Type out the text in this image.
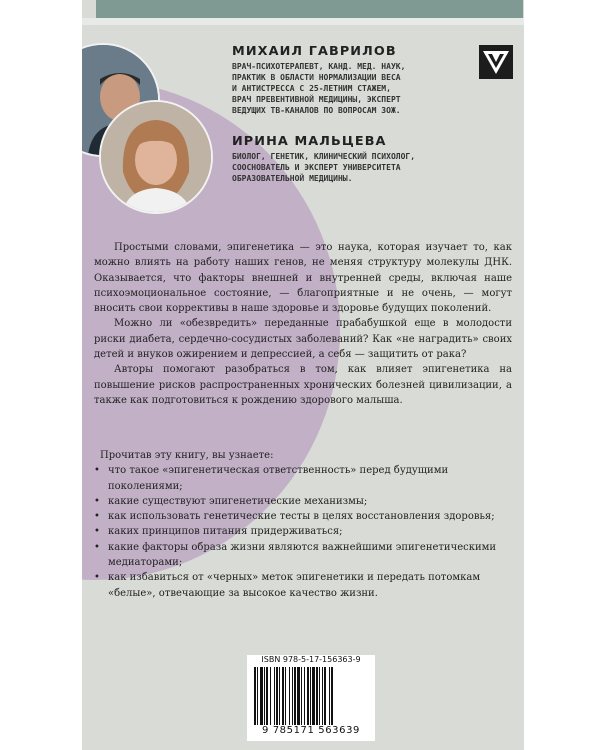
МИХАИЛ ГАВРИЛОВ
ВРАЧ-ПСИХОТЕРАПЕВТ, КАНД. МЕД. НАУК,
ПРАКТИК В ОБЛАСТИ НОРМАЛИЗАЦИИ ВЕСА
И АНТИСТРЕССА С 25-ЛЕТНИМ СТАЖЕМ,
ВРАЧ ПРЕВЕНТИВНОЙ МЕДИЦИНЫ, ЭКСПЕРТ
ВЕДУЩИХ ТВ-КАНАЛОВ ПО ВОПРОСАМ ЗОЖ.
ИРИНА МАЛЬЦЕВА
БИОЛОГ, ГЕНЕТИК, КЛИНИЧЕСКИЙ ПСИХОЛОГ,
СОOСНОВАТЕЛЬ И ЭКСПЕРТ УНИВЕРСИТЕТА
ОБРАЗОВАТЕЛЬНОЙ МЕДИЦИНЫ.

Простыми словами, эпигенетика — это наука, которая изучает то, как можно влиять на работу наших генов, не меняя структуру молекулы ДНК. Оказывается, что факторы внешней и внутренней среды, включая наше психоэмоциональное состояние, — благоприятные и не очень, — могут вносить свои коррективы в наше здоровье и здоровье будущих поколений.

Можно ли «обезвредить» переданные прабабушкой еще в молодости риски диабета, сердечно-сосудистых заболеваний? Как «не наградить» своих детей и внуков ожирением и депрессией, а себя — защитить от рака?

Авторы помогают разобраться в том, как влияет эпигенетика на повышение рисков распространенных хронических болезней цивилизации, а также как подготовиться к рождению здорового малыша.

Прочитав эту книгу, вы узнаете:
• что такое «эпигенетическая ответственность» перед будущими поколениями;
• какие существуют эпигенетические механизмы;
• как использовать генетические тесты в целях восстановления здоровья;
• каких принципов питания придерживаться;
• какие факторы образа жизни являются важнейшими эпигенетическими медиаторами;
• как избавиться от «черных» меток эпигенетики и передать потомкам «белые», отвечающие за высокое качество жизни.
ISBN 978-5-17-156363-9
9 785171 563639
